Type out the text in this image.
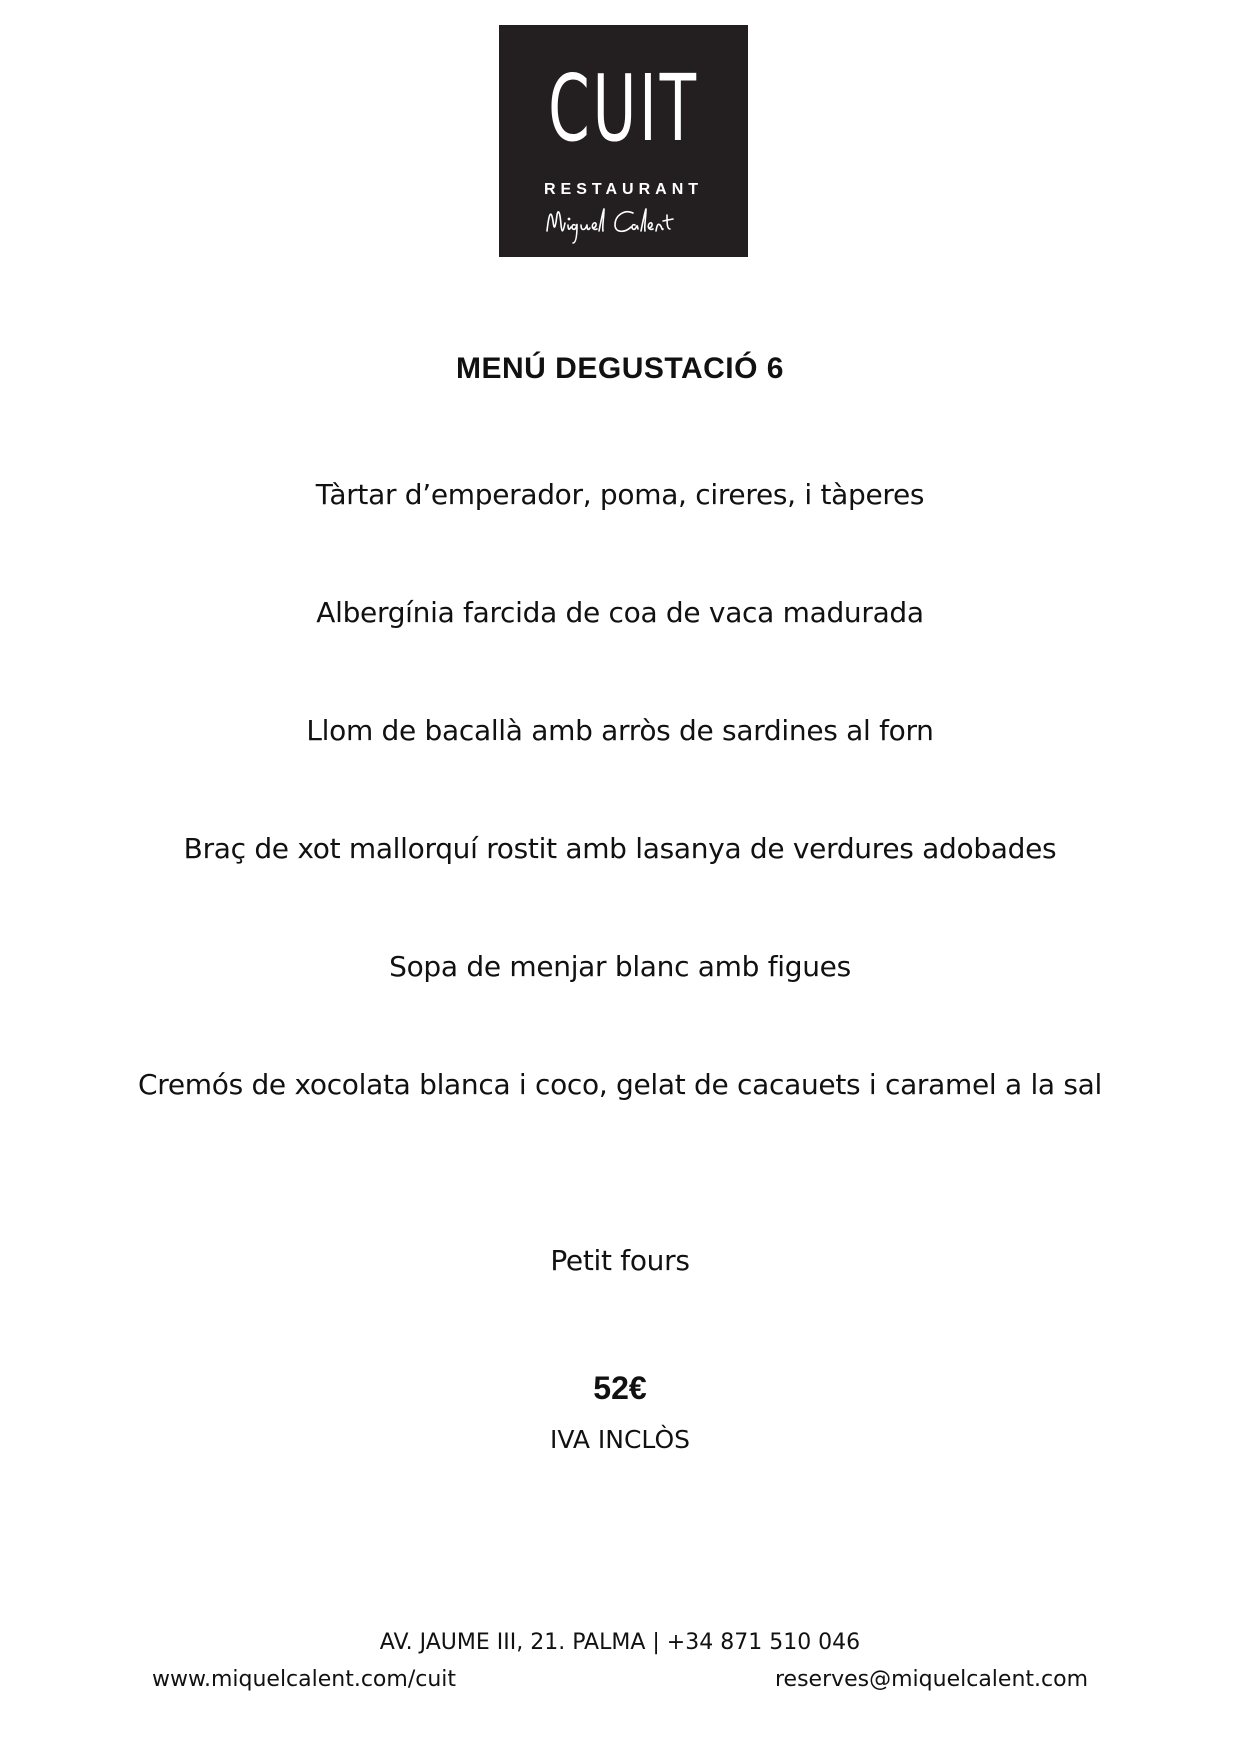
CUIT
RESTAURANT
MENÚ DEGUSTACIÓ 6
Tàrtar d’emperador, poma, cireres, i tàperes
Albergínia farcida de coa de vaca madurada
Llom de bacallà amb arròs de sardines al forn
Braç de xot mallorquí rostit amb lasanya de verdures adobades
Sopa de menjar blanc amb figues
Cremós de xocolata blanca i coco, gelat de cacauets i caramel a la sal
Petit fours
52€
IVA INCLÒS
AV. JAUME III, 21. PALMA | +34 871 510 046
www.miquelcalent.com/cuit	reserves@miquelcalent.com
